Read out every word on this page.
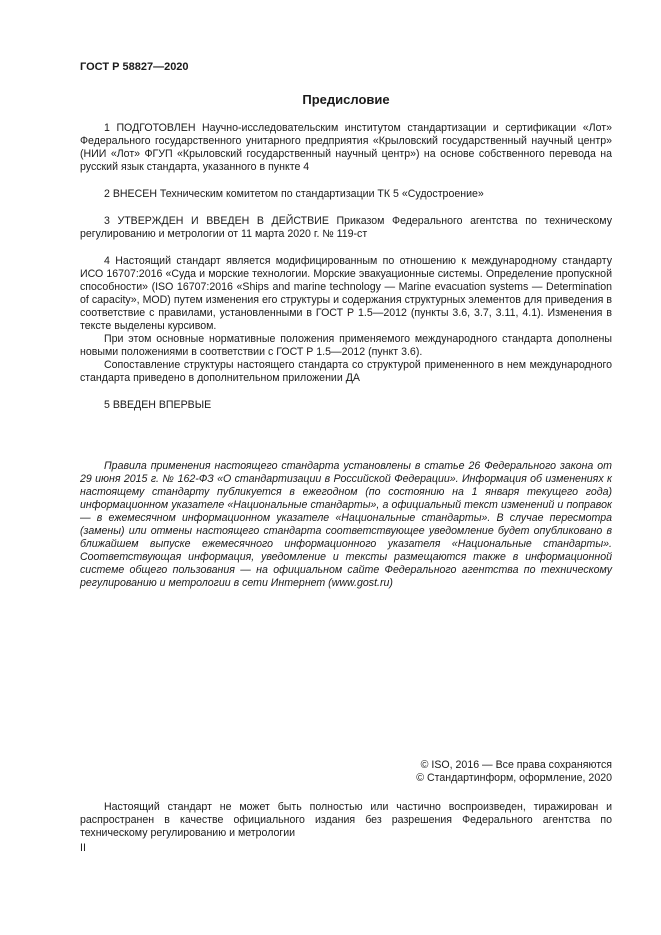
ГОСТ Р 58827—2020
Предисловие

1 ПОДГОТОВЛЕН Научно-исследовательским институтом стандартизации и сертификации «Лот» Федерального государственного унитарного предприятия «Крыловский государственный научный центр» (НИИ «Лот» ФГУП «Крыловский государственный научный центр») на основе собственного перевода на русский язык стандарта, указанного в пункте 4

2 ВНЕСЕН Техническим комитетом по стандартизации ТК 5 «Судостроение»

3 УТВЕРЖДЕН И ВВЕДЕН В ДЕЙСТВИЕ Приказом Федерального агентства по техническому регулированию и метрологии от 11 марта 2020 г. № 119-ст

4 Настоящий стандарт является модифицированным по отношению к международному стандарту ИСО 16707:2016 «Суда и морские технологии. Морские эвакуационные системы. Определение пропускной способности» (ISO 16707:2016 «Ships and marine technology — Marine evacuation systems — Determination of capacity», MOD) путем изменения его структуры и содержания структурных элементов для приведения в соответствие с правилами, установленными в ГОСТ Р 1.5—2012 (пункты 3.6, 3.7, 3.11, 4.1). Изменения в тексте выделены курсивом.

При этом основные нормативные положения применяемого международного стандарта дополнены новыми положениями в соответствии с ГОСТ Р 1.5—2012 (пункт 3.6).

Сопоставление структуры настоящего стандарта со структурой примененного в нем международного стандарта приведено в дополнительном приложении ДА

5 ВВЕДЕН ВПЕРВЫЕ

Правила применения настоящего стандарта установлены в статье 26 Федерального закона от 29 июня 2015 г. № 162-ФЗ «О стандартизации в Российской Федерации». Информация об изменениях к настоящему стандарту публикуется в ежегодном (по состоянию на 1 января текущего года) информационном указателе «Национальные стандарты», а официальный текст изменений и поправок — в ежемесячном информационном указателе «Национальные стандарты». В случае пересмотра (замены) или отмены настоящего стандарта соответствующее уведомление будет опубликовано в ближайшем выпуске ежемесячного информационного указателя «Национальные стандарты». Соответствующая информация, уведомление и тексты размещаются также в информационной системе общего пользования — на официальном сайте Федерального агентства по техническому регулированию и метрологии в сети Интернет (www.gost.ru)

© ISO, 2016 — Все права сохраняются
© Стандартинформ, оформление, 2020
Настоящий стандарт не может быть полностью или частично воспроизведен, тиражирован и распространен в качестве официального издания без разрешения Федерального агентства по техническому регулированию и метрологии
II
